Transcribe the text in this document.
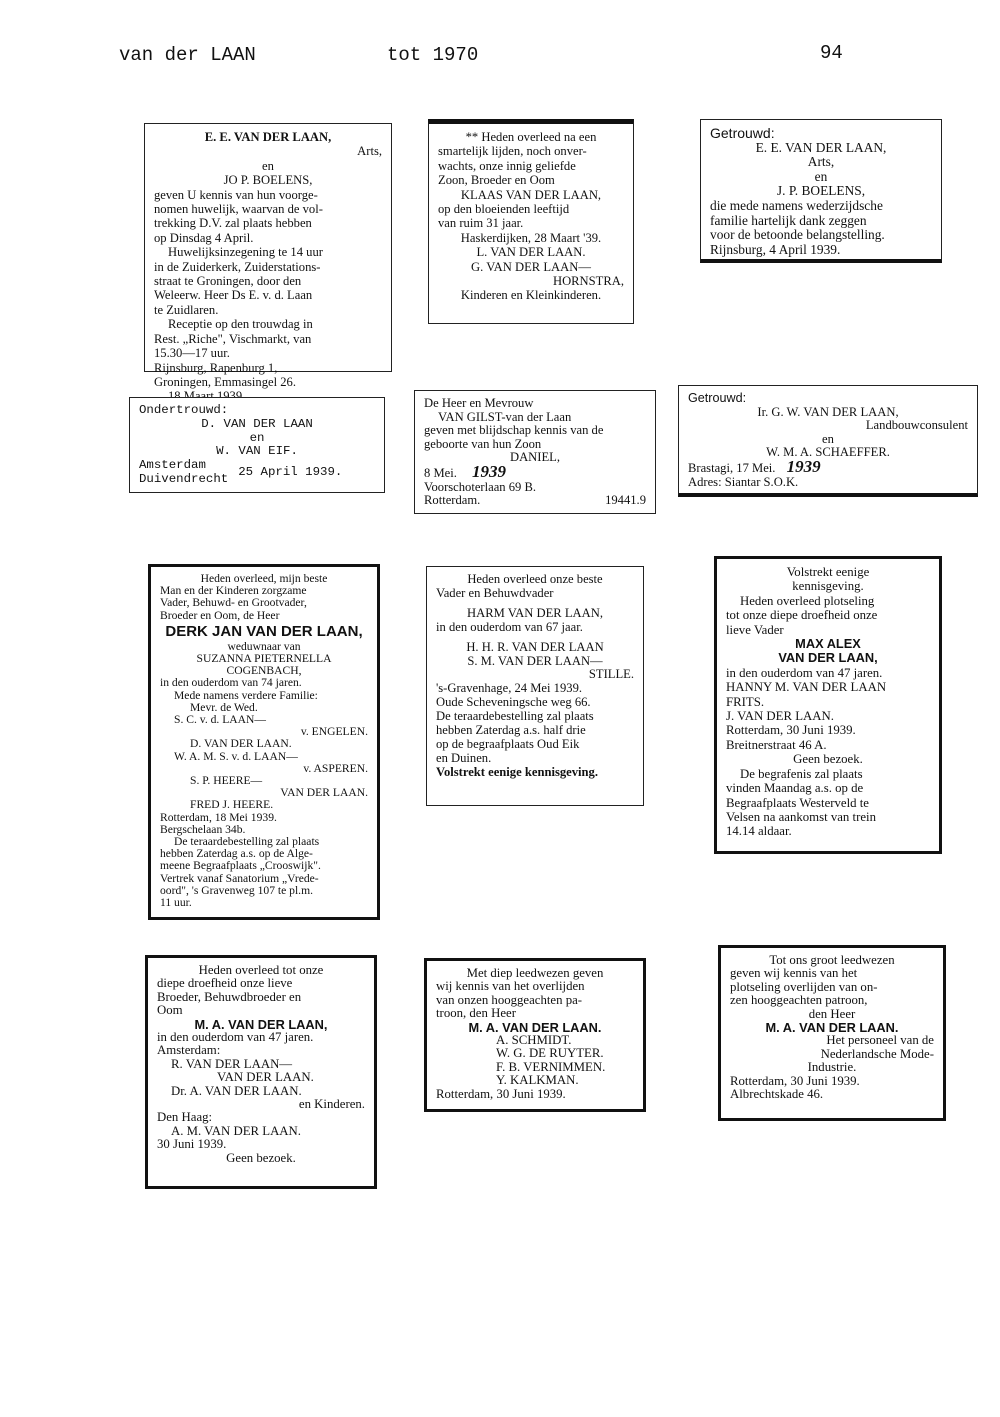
van der LAAN	tot 1970	94
E. E. VAN DER LAAN,
Arts,
en
JO P. BOELENS,
geven U kennis van hun voorge-
nomen huwelijk, waarvan de vol-
trekking D.V. zal plaats hebben
op Dinsdag 4 April.
Huwelijksinzegening te 14 uur
in de Zuiderkerk, Zuiderstations-
straat te Groningen, door den
Weleerw. Heer Ds E. v. d. Laan
te Zuidlaren.
Receptie op den trouwdag in
Rest. „Riche", Vischmarkt, van
15.30—17 uur.
Rijnsburg, Rapenburg 1,
Groningen, Emmasingel 26.
** Heden overleed na een
smartelijk lijden, noch onver-
wachts, onze innig geliefde
Zoon, Broeder en Oom
KLAAS VAN DER LAAN,
op den bloeienden leeftijd
van ruim 31 jaar.
Haskerdijken, 28 Maart '39.
L. VAN DER LAAN.
G. VAN DER LAAN—
HORNSTRA,
Kinderen en Kleinkinderen.
Getrouwd:
E. E. VAN DER LAAN,
Arts,
en
J. P. BOELENS,
die mede namens wederzijdsche
familie hartelijk dank zeggen
voor de betoonde belangstelling.
Rijnsburg, 4 April 1939.
Ondertrouwd:
D. VAN DER LAAN
en
W. VAN EIF.
Amsterdam
Duivendrecht 25 April 1939.
De Heer en Mevrouw
VAN GILST-van der Laan
geven met blijdschap kennis van de
geboorte van hun Zoon
DANIEL,
8 Mei. 1939
Voorschoterlaan 69 B.
Rotterdam.	19441.9
Getrouwd:
Ir. G. W. VAN DER LAAN,
Landbouwconsulent
en
W. M. A. SCHAEFFER.
Brastagi, 17 Mei. 1939
Adres: Siantar S.O.K.
Heden overleed, mijn beste
Man en der Kinderen zorgzame
Vader, Behuwd- en Grootvader,
Broeder en Oom, de Heer
DERK JAN VAN DER LAAN,
weduwnaar van
SUZANNA PIETERNELLA
COGENBACH,
in den ouderdom van 74 jaren.
Mede namens verdere Familie:
Mevr. de Wed.
S. C. v. d. LAAN—
v. ENGELEN.
D. VAN DER LAAN.
W. A. M. S. v. d. LAAN—
v. ASPEREN.
S. P. HEERE—
VAN DER LAAN.
FRED J. HEERE.
Rotterdam, 18 Mei 1939.
Bergschelaan 34b.
De teraardebestelling zal plaats
hebben Zaterdag a.s. op de Alge-
meene Begraafplaats „Crooswijk".
Vertrek vanaf Sanatorium „Vrede-
oord", 's Gravenweg 107 te pl.m.
11 uur.
Heden overleed onze beste
Vader en Behuwdvader
HARM VAN DER LAAN,
in den ouderdom van 67 jaar.
H. H. R. VAN DER LAAN
S. M. VAN DER LAAN—
STILLE.
's-Gravenhage, 24 Mei 1939.
Oude Scheveningsche weg 66.
De teraardebestelling zal plaats
hebben Zaterdag a.s. half drie
op de begraafplaats Oud Eik
en Duinen.
Volstrekt eenige kennisgeving.
Volstrekt eenige
kennisgeving.
Heden overleed plotseling
tot onze diepe droefheid onze
lieve Vader
MAX ALEX
VAN DER LAAN,
in den ouderdom van 47 jaren.
HANNY M. VAN DER LAAN
FRITS.
J. VAN DER LAAN.
Rotterdam, 30 Juni 1939.
Breitnerstraat 46 A.
Geen bezoek.
De begrafenis zal plaats
vinden Maandag a.s. op de
Begraafplaats Westerveld te
Velsen na aankomst van trein
14.14 aldaar.
Heden overleed tot onze
diepe droefheid onze lieve
Broeder, Behuwdbroeder en
Oom
M. A. VAN DER LAAN,
in den ouderdom van 47 jaren.
Amsterdam:
R. VAN DER LAAN—
VAN DER LAAN.
Dr. A. VAN DER LAAN.
en Kinderen.
Den Haag:
A. M. VAN DER LAAN.
30 Juni 1939.
Geen bezoek.
Met diep leedwezen geven
wij kennis van het overlijden
van onzen hooggeachten pa-
troon, den Heer
M. A. VAN DER LAAN.
A. SCHMIDT.
W. G. DE RUYTER.
F. B. VERNIMMEN.
Y. KALKMAN.
Rotterdam, 30 Juni 1939.
Tot ons groot leedwezen
geven wij kennis van het
plotseling overlijden van on-
zen hooggeachten patroon,
den Heer
M. A. VAN DER LAAN.
Het personeel van de
Nederlandsche Mode-
Industrie.
Rotterdam, 30 Juni 1939.
Albrechtskade 46.
